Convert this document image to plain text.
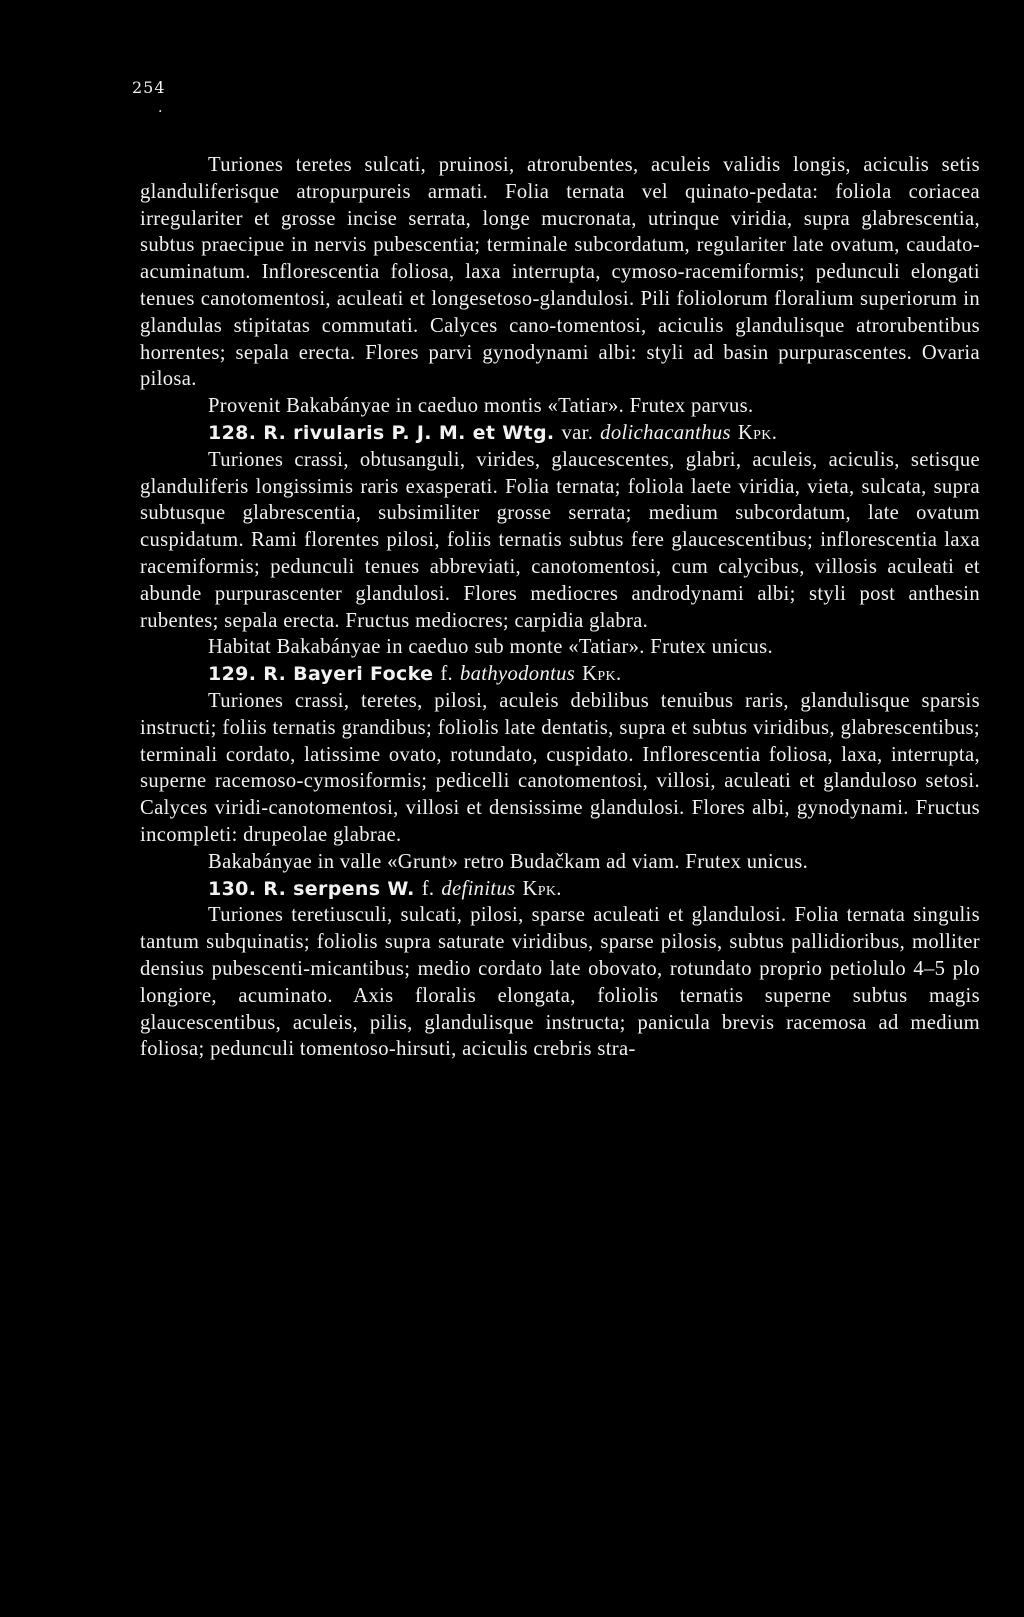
254
.

Turiones teretes sulcati, pruinosi, atrorubentes, aculeis validis longis, aciculis setis glanduliferisque atropurpureis armati. Folia ternata vel quinato-pedata: foliola coriacea irregulariter et grosse incise serrata, longe mucronata, utrinque viridia, supra glabrescentia, subtus praecipue in nervis pubescentia; terminale subcordatum, regulariter late ovatum, caudato-acuminatum. Inflorescentia foliosa, laxa interrupta, cymoso-racemiformis; pedunculi elongati tenues canotomentosi, aculeati et longesetoso-glandulosi. Pili foliolorum floralium superiorum in glandulas stipitatas commutati. Calyces cano-tomentosi, aciculis glandulisque atrorubentibus horrentes; sepala erecta. Flores parvi gynodynami albi: styli ad basin purpurascentes. Ovaria pilosa.

Provenit Bakabányae in caeduo montis «Tatiar». Frutex parvus.

128. R. rivularis P. J. M. et Wtg. var. dolichacanthus Kpk.

Turiones crassi, obtusanguli, virides, glaucescentes, glabri, aculeis, aciculis, setisque glanduliferis longissimis raris exasperati. Folia ternata; foliola laete viridia, vieta, sulcata, supra subtusque glabrescentia, subsimiliter grosse serrata; medium subcordatum, late ovatum cuspidatum. Rami florentes pilosi, foliis ternatis subtus fere glaucescentibus; inflorescentia laxa racemiformis; pedunculi tenues abbreviati, canotomentosi, cum calycibus, villosis aculeati et abunde purpurascenter glandulosi. Flores mediocres androdynami albi; styli post anthesin rubentes; sepala erecta. Fructus mediocres; carpidia glabra.

Habitat Bakabányae in caeduo sub monte «Tatiar». Frutex unicus.

129. R. Bayeri Focke f. bathyodontus Kpk.

Turiones crassi, teretes, pilosi, aculeis debilibus tenuibus raris, glandulisque sparsis instructi; foliis ternatis grandibus; foliolis late dentatis, supra et subtus viridibus, glabrescentibus; terminali cordato, latissime ovato, rotundato, cuspidato. Inflorescentia foliosa, laxa, interrupta, superne racemoso-cymosiformis; pedicelli canotomentosi, villosi, aculeati et glanduloso setosi. Calyces viridi-canotomentosi, villosi et densissime glandulosi. Flores albi, gynodynami. Fructus incompleti: drupeolae glabrae.

Bakabányae in valle «Grunt» retro Budačkam ad viam. Frutex unicus.

130. R. serpens W. f. definitus Kpk.

Turiones teretiusculi, sulcati, pilosi, sparse aculeati et glandulosi. Folia ternata singulis tantum subquinatis; foliolis supra saturate viridibus, sparse pilosis, subtus pallidioribus, molliter densius pubescenti-micantibus; medio cordato late obovato, rotundato proprio petiolulo 4–5 plo longiore, acuminato. Axis floralis elongata, foliolis ternatis superne subtus magis glaucescentibus, aculeis, pilis, glandulisque instructa; panicula brevis racemosa ad medium foliosa; pedunculi tomentoso-hirsuti, aciculis crebris stra-
